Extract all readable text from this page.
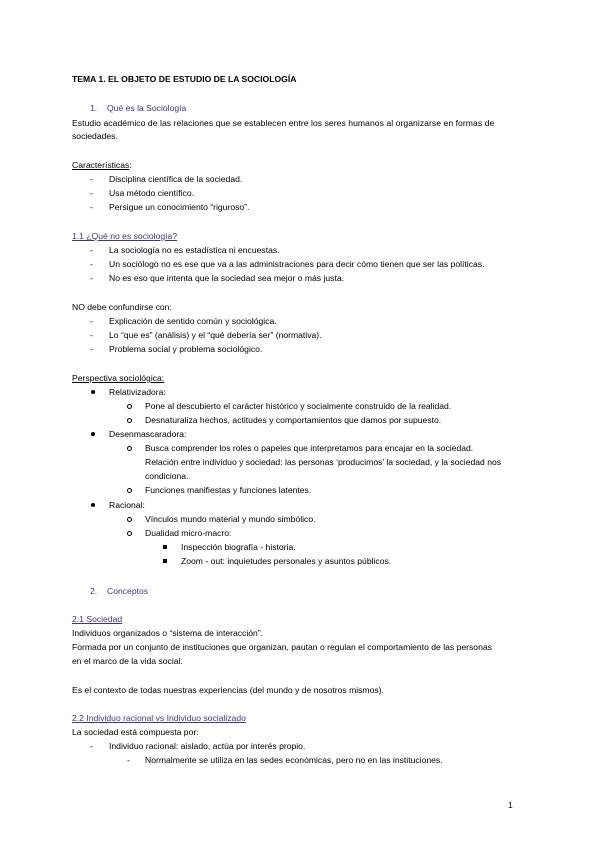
TEMA 1. EL OBJETO DE ESTUDIO DE LA SOCIOLOGÍA
1. Qué es la Sociología
Estudio académico de las relaciones que se establecen entre los seres humanos al organizarse en formas de
sociedades.
Características:
- Disciplina científica de la sociedad.
- Usa método científico.
- Persigue un conocimiento “riguroso”.
1.1 ¿Qué no es sociología?
- La sociología no es estadística ni encuestas.
- Un sociólogo no es ese que va a las administraciones para decir cómo tienen que ser las políticas.
- No es eso que intenta que la sociedad sea mejor o más justa.
NO debe confundirse con:
- Explicación de sentido común y sociológica.
- Lo “que es” (análisis) y el “qué debería ser” (normativa).
- Problema social y problema sociológico.
Perspectiva sociológica:
Relativizadora:
Pone al descubierto el carácter histórico y socialmente construido de la realidad.
Desnaturaliza hechos, actitudes y comportamientos que damos por supuesto.
Desenmascaradora:
Busca comprender los roles o papeles que interpretamos para encajar en la sociedad.
Relación entre individuo y sociedad: las personas ‘producimos’ la sociedad, y la sociedad nos
condiciona.
Funciones manifiestas y funciones latentes.
Racional:
Vínculos mundo material y mundo simbólico.
Dualidad micro-macro:
Inspección biografía - historia.
Zoom - out: inquietudes personales y asuntos públicos.
2. Conceptos
2.1 Sociedad
Individuos organizados o “sistema de interacción”.
Formada por un conjunto de instituciones que organizan, pautan o regulan el comportamiento de las personas
en el marco de la vida social.
Es el contexto de todas nuestras experiencias (del mundo y de nosotros mismos).
2.2 Individuo racional vs Individuo socializado
La sociedad está compuesta por:
- Individuo racional: aislado, actúa por interés propio.
- Normalmente se utiliza en las sedes económicas, pero no en las instituciones.
1
